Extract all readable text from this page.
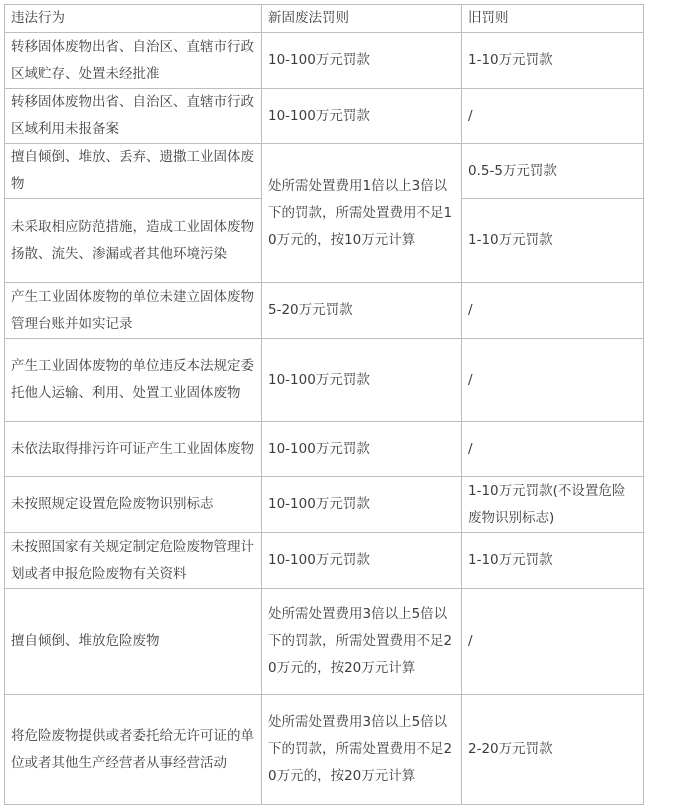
违法行为	新固废法罚则	旧罚则
转移固体废物出省、自治区、直辖市行政区域贮存、处置未经批准	10-100万元罚款	1-10万元罚款
转移固体废物出省、自治区、直辖市行政区域利用未报备案	10-100万元罚款	/
擅自倾倒、堆放、丢弃、遗撒工业固体废物	处所需处置费用1倍以上3倍以下的罚款，所需处置费用不足10万元的，按10万元计算	0.5-5万元罚款
未采取相应防范措施，造成工业固体废物扬散、流失、渗漏或者其他环境污染		1-10万元罚款
产生工业固体废物的单位未建立固体废物管理台账并如实记录	5-20万元罚款	/
产生工业固体废物的单位违反本法规定委托他人运输、利用、处置工业固体废物	10-100万元罚款	/
未依法取得排污许可证产生工业固体废物	10-100万元罚款	/
未按照规定设置危险废物识别标志	10-100万元罚款	1-10万元罚款(不设置危险废物识别标志)
未按照国家有关规定制定危险废物管理计划或者申报危险废物有关资料	10-100万元罚款	1-10万元罚款
擅自倾倒、堆放危险废物	处所需处置费用3倍以上5倍以下的罚款，所需处置费用不足20万元的，按20万元计算	/
将危险废物提供或者委托给无许可证的单位或者其他生产经营者从事经营活动	处所需处置费用3倍以上5倍以下的罚款，所需处置费用不足20万元的，按20万元计算	2-20万元罚款
